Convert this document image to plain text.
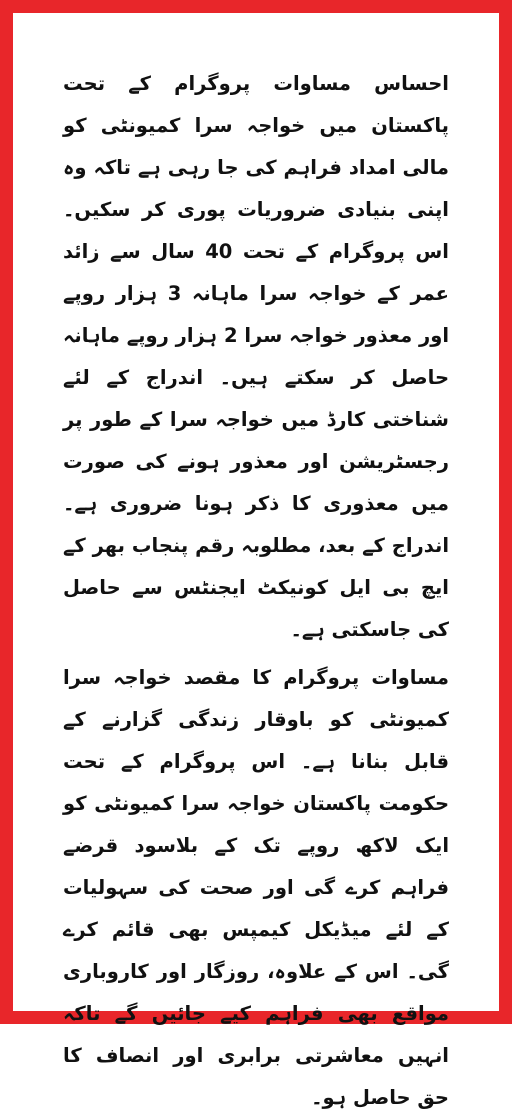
احساس مساوات پروگرام کے تحت پاکستان میں خواجہ سرا کمیونٹی کو مالی امداد فراہم کی جا رہی ہے تاکہ وہ اپنی بنیادی ضروریات پوری کر سکیں۔ اس پروگرام کے تحت 40 سال سے زائد عمر کے خواجہ سرا ماہانہ 3 ہزار روپے اور معذور خواجہ سرا 2 ہزار روپے ماہانہ حاصل کر سکتے ہیں۔ اندراج کے لئے شناختی کارڈ میں خواجہ سرا کے طور پر رجسٹریشن اور معذور ہونے کی صورت میں معذوری کا ذکر ہونا ضروری ہے۔ اندراج کے بعد، مطلوبہ رقم پنجاب بھر کے ایچ بی ایل کونیکٹ ایجنٹس سے حاصل کی جاسکتی ہے۔

مساوات پروگرام کا مقصد خواجہ سرا کمیونٹی کو باوقار زندگی گزارنے کے قابل بنانا ہے۔ اس پروگرام کے تحت حکومت پاکستان خواجہ سرا کمیونٹی کو ایک لاکھ روپے تک کے بلاسود قرضے فراہم کرے گی اور صحت کی سہولیات کے لئے میڈیکل کیمپس بھی قائم کرے گی۔ اس کے علاوہ، روزگار اور کاروباری مواقع بھی فراہم کیے جائیں گے تاکہ انہیں معاشرتی برابری اور انصاف کا حق حاصل ہو۔
